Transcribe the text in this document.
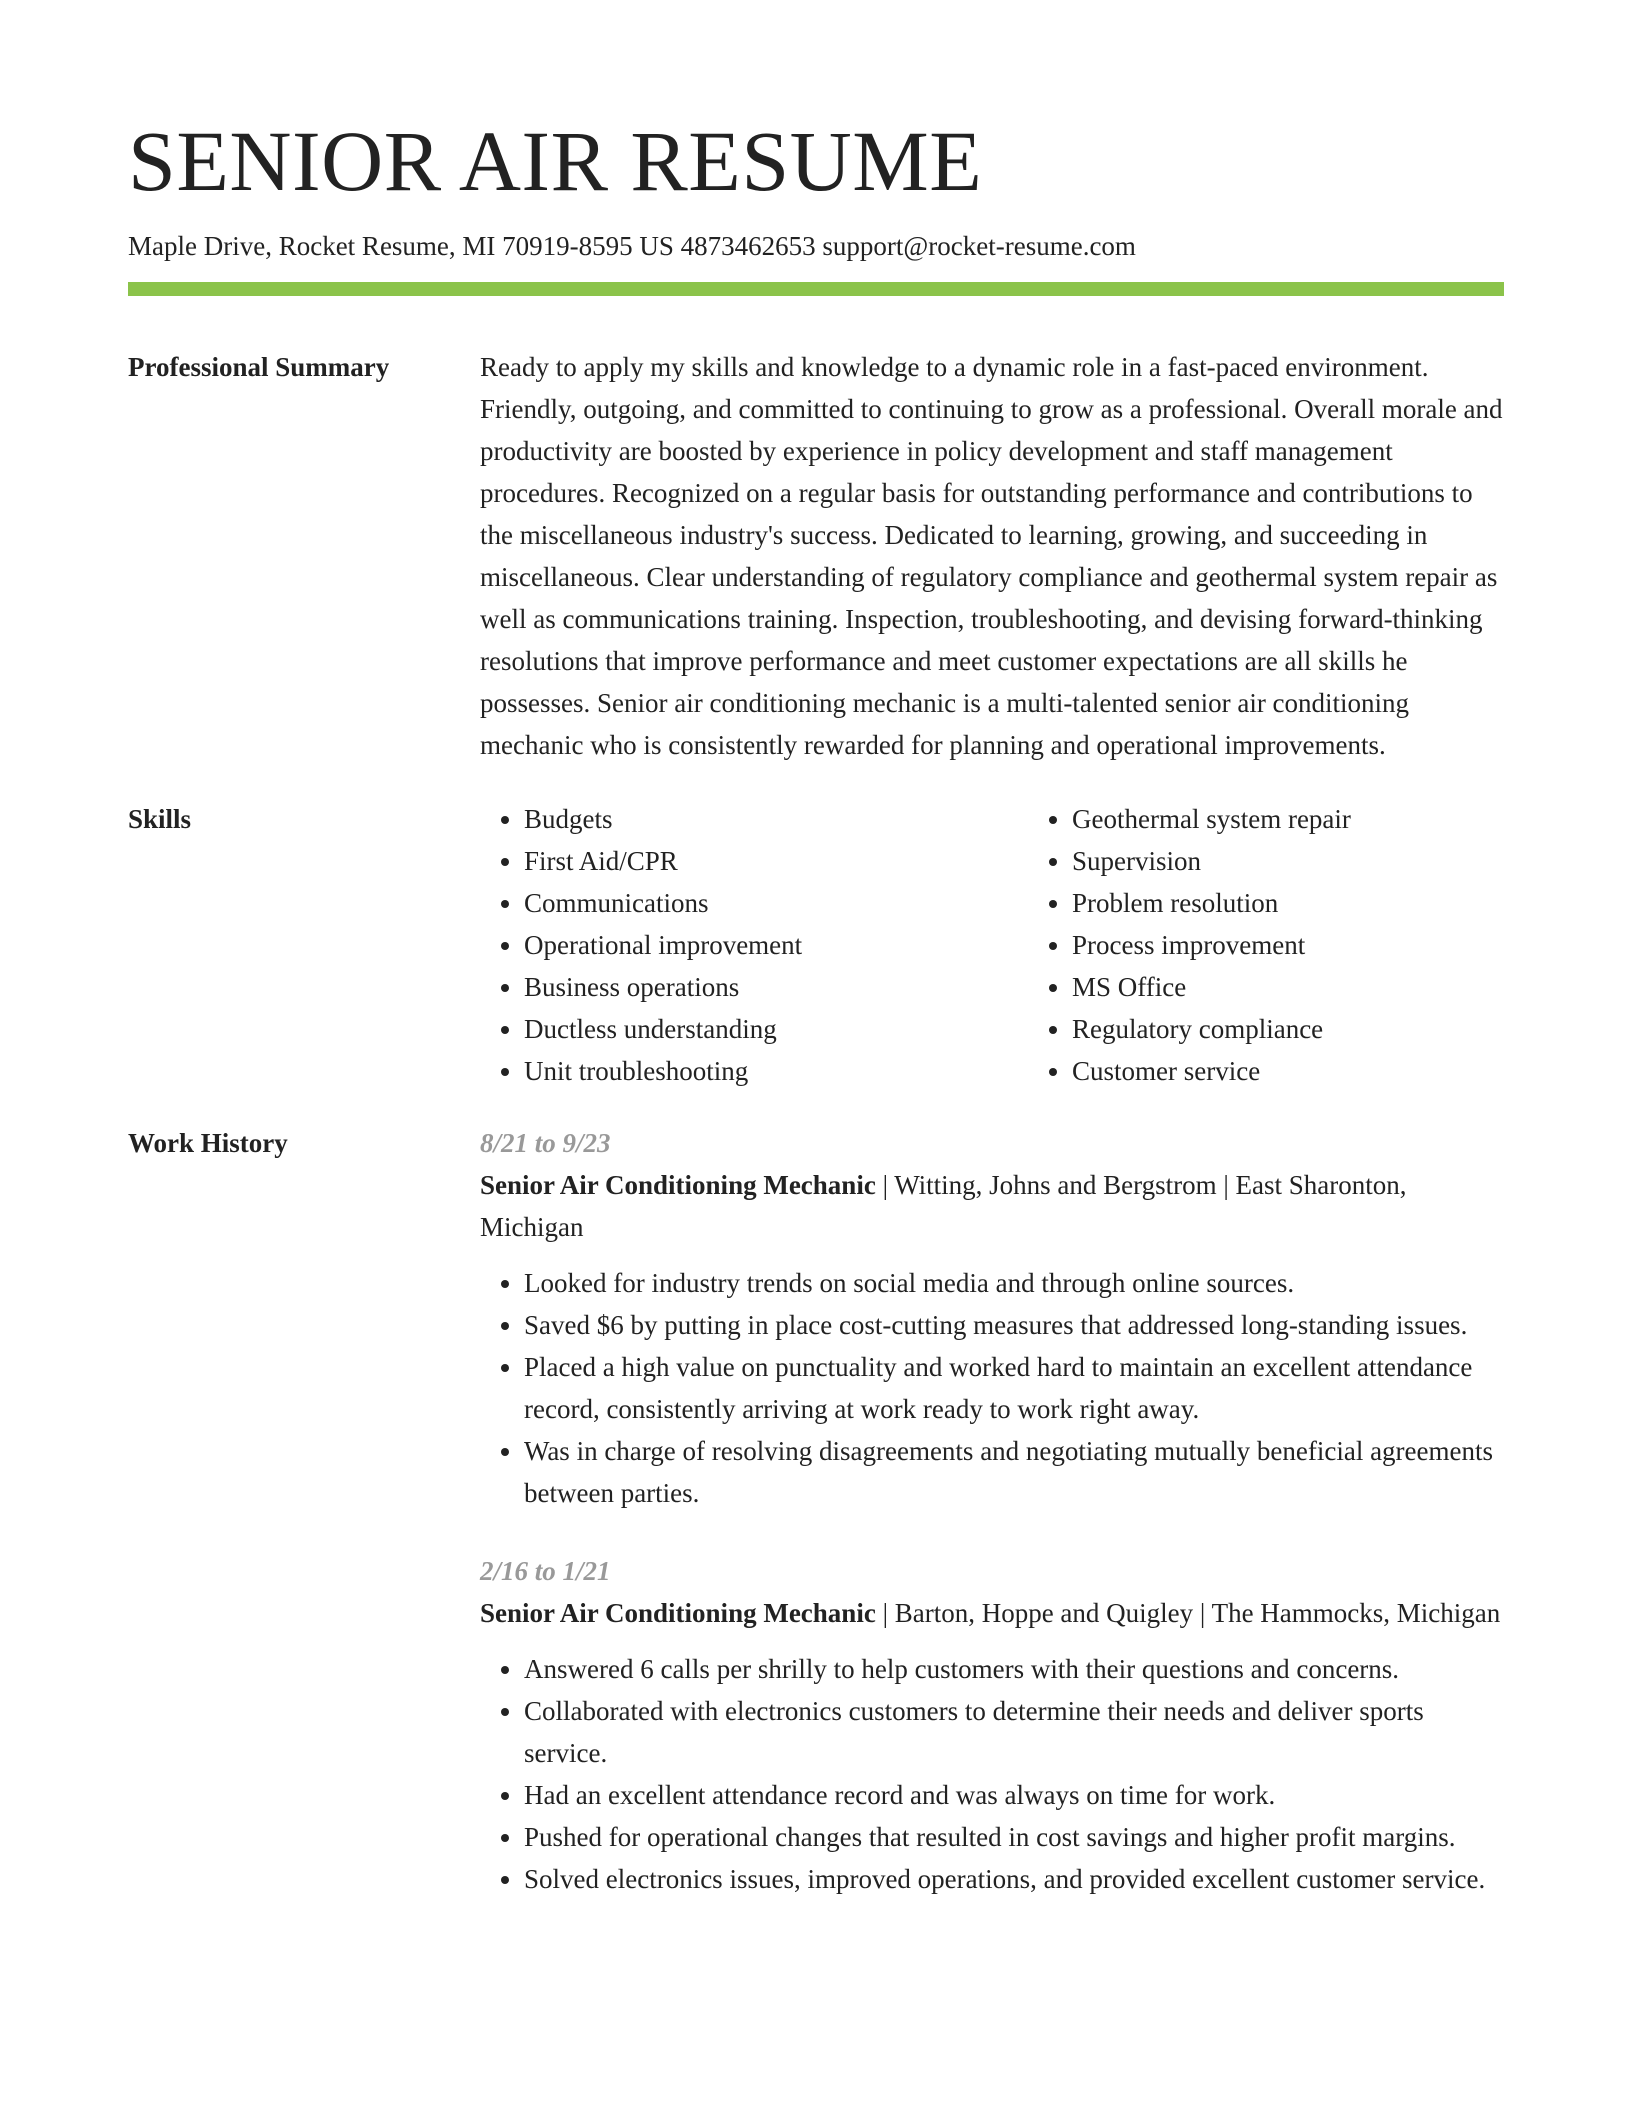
SENIOR AIR RESUME
Maple Drive, Rocket Resume, MI 70919-8595 US 4873462653 support@rocket-resume.com
Professional Summary	Ready to apply my skills and knowledge to a dynamic role in a fast-paced environment. Friendly, outgoing, and committed to continuing to grow as a professional. Overall morale and productivity are boosted by experience in policy development and staff management procedures. Recognized on a regular basis for outstanding performance and contributions to the miscellaneous industry's success. Dedicated to learning, growing, and succeeding in miscellaneous. Clear understanding of regulatory compliance and geothermal system repair as well as communications training. Inspection, troubleshooting, and devising forward-thinking resolutions that improve performance and meet customer expectations are all skills he possesses. Senior air conditioning mechanic is a multi-talented senior air conditioning mechanic who is consistently rewarded for planning and operational improvements.

Skills
•	Budgets
• First Aid/CPR
• Communications
• Operational improvement
• Business operations
• Ductless understanding
• Unit troubleshooting
• Geothermal system repair
• Supervision
• Problem resolution
• Process improvement
• MS Office
• Regulatory compliance
• Customer service
Work History	8/21 to 9/23
Senior Air Conditioning Mechanic | Witting, Johns and Bergstrom | East Sharonton, Michigan
• Looked for industry trends on social media and through online sources.
• Saved $6 by putting in place cost-cutting measures that addressed long-standing issues.
• Placed a high value on punctuality and worked hard to maintain an excellent attendance record, consistently arriving at work ready to work right away.
• Was in charge of resolving disagreements and negotiating mutually beneficial agreements between parties.
2/16 to 1/21
Senior Air Conditioning Mechanic | Barton, Hoppe and Quigley | The Hammocks, Michigan
• Answered 6 calls per shrilly to help customers with their questions and concerns.
• Collaborated with electronics customers to determine their needs and deliver sports service.
• Had an excellent attendance record and was always on time for work.
• Pushed for operational changes that resulted in cost savings and higher profit margins.
• Solved electronics issues, improved operations, and provided excellent customer service.
